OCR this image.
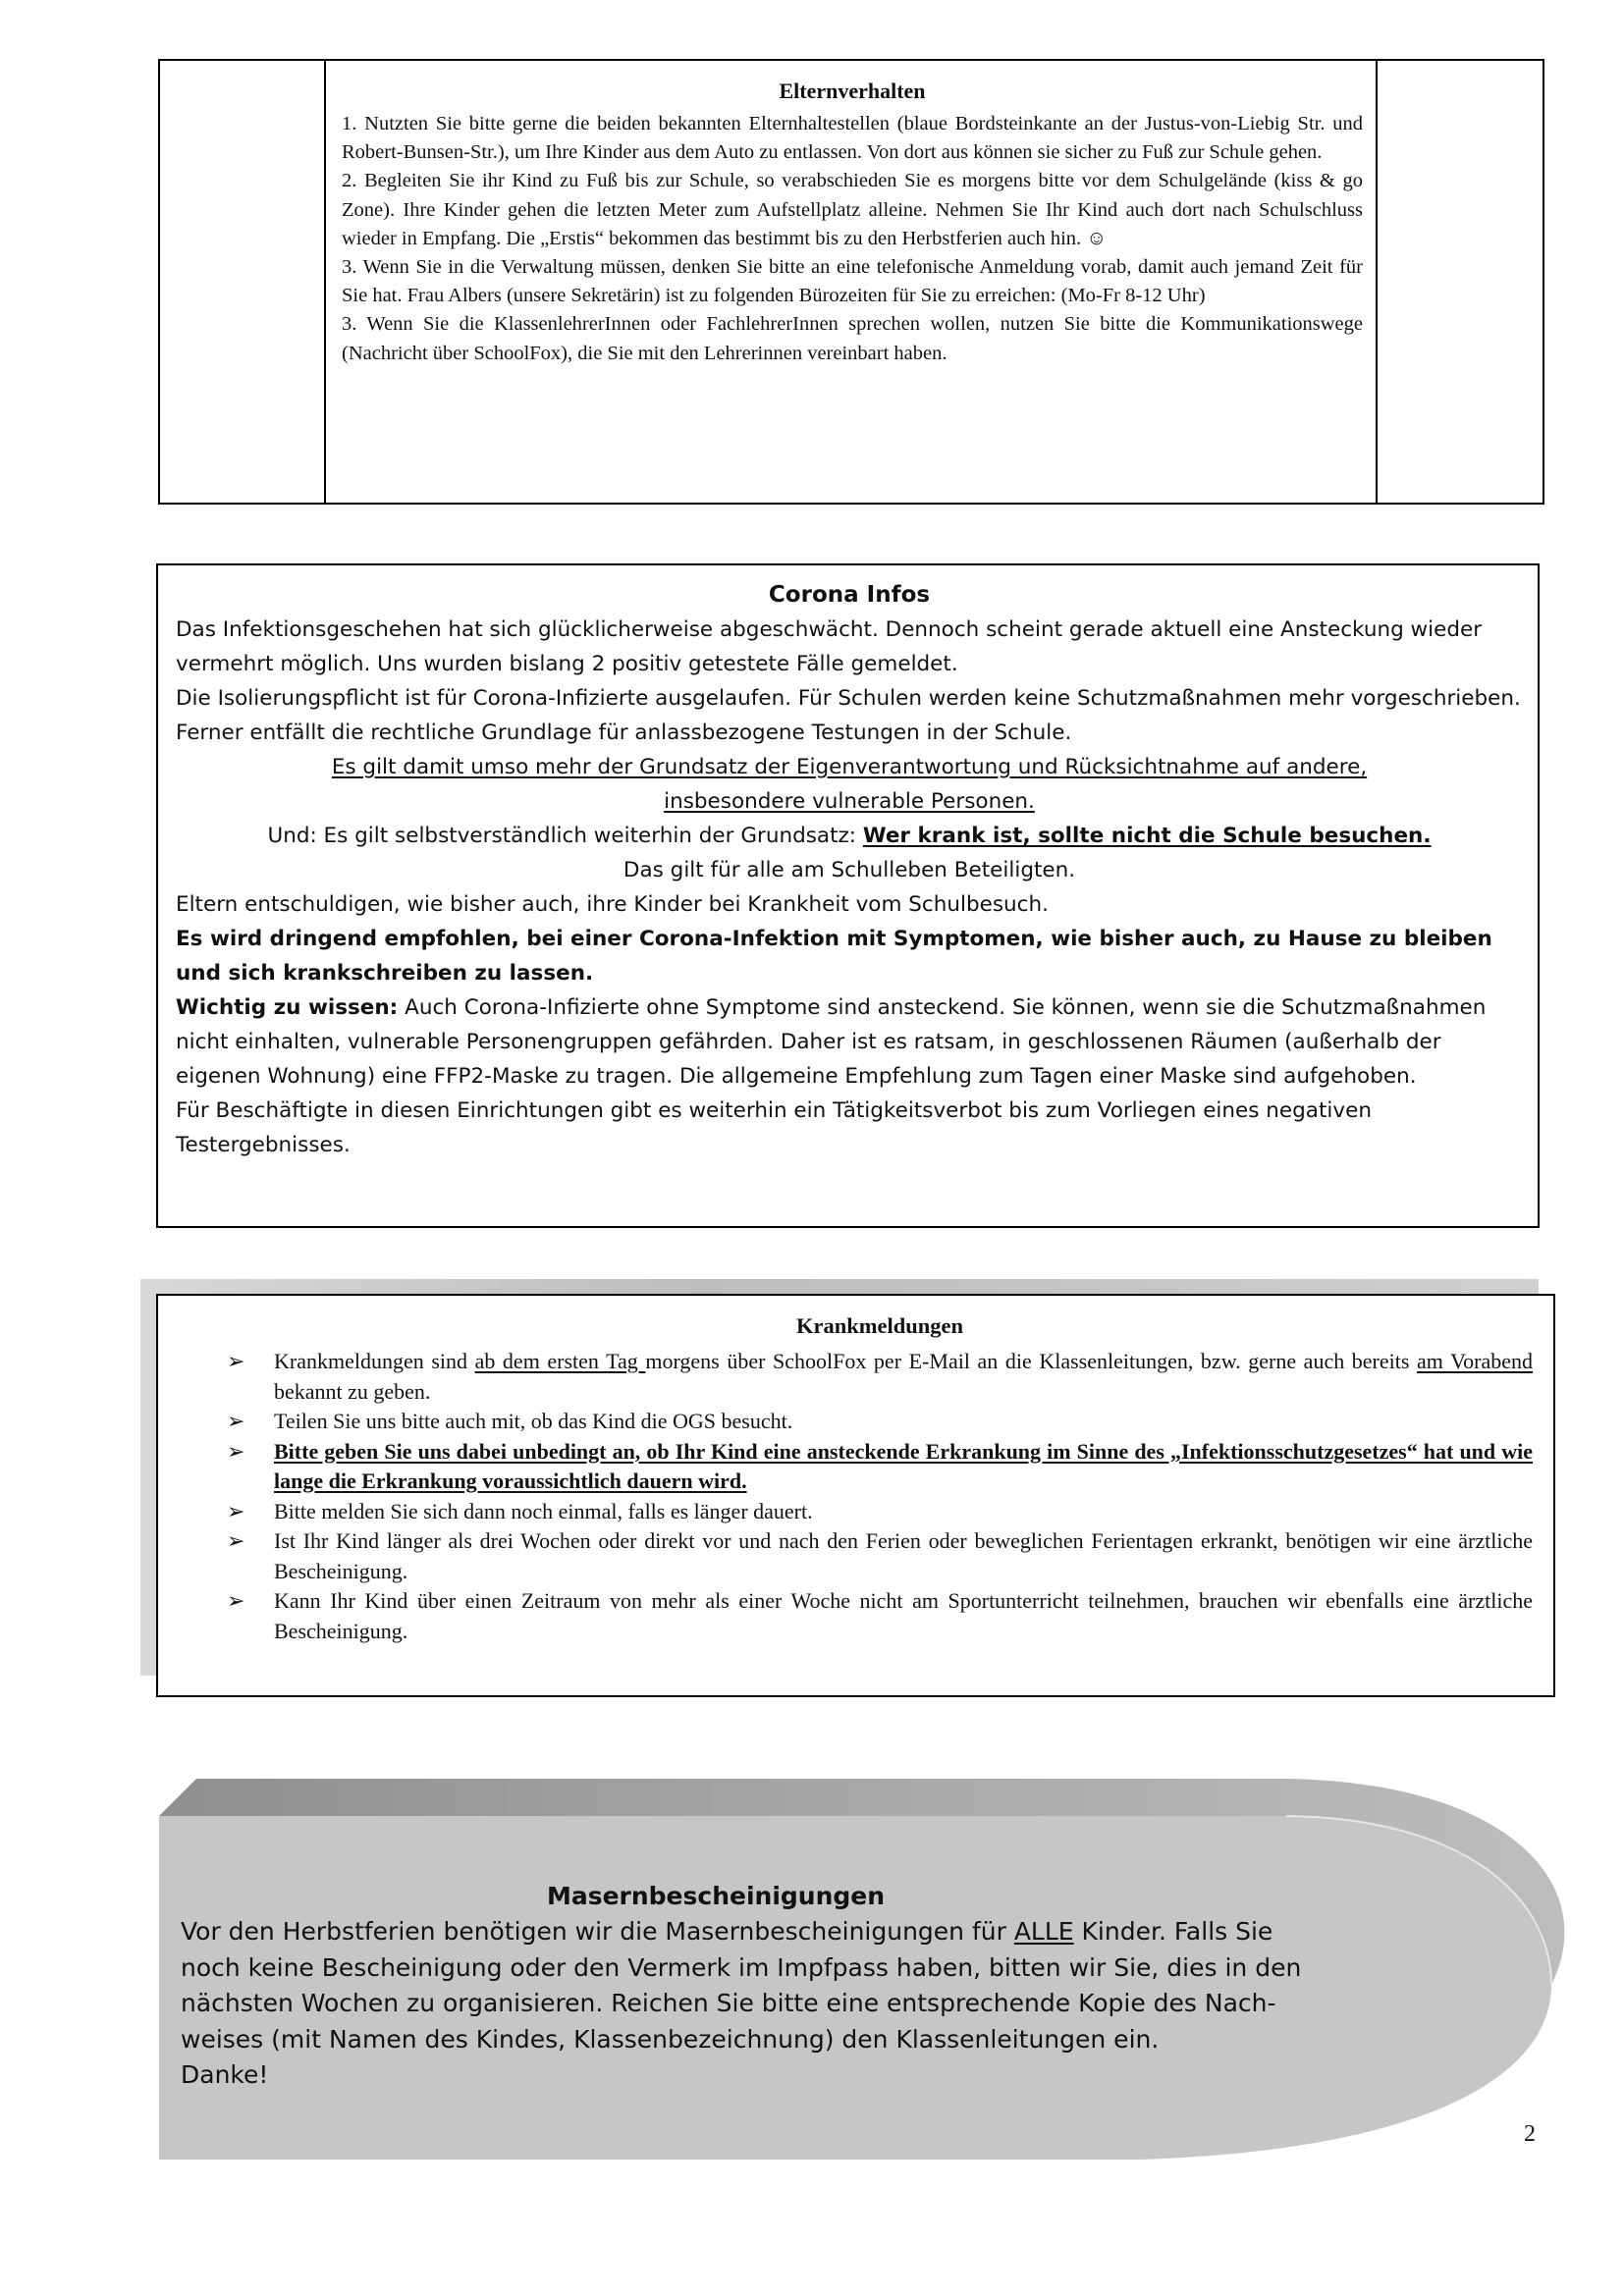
Elternverhalten

1. Nutzten Sie bitte gerne die beiden bekannten Elternhaltestellen (blaue Bordsteinkante an der Justus-von-Liebig Str. und Robert-Bunsen-Str.), um Ihre Kinder aus dem Auto zu entlassen. Von dort aus können sie sicher zu Fuß zur Schule gehen.

2. Begleiten Sie ihr Kind zu Fuß bis zur Schule, so verabschieden Sie es morgens bitte vor dem Schulgelände (kiss & go Zone). Ihre Kinder gehen die letzten Meter zum Aufstellplatz alleine. Nehmen Sie Ihr Kind auch dort nach Schulschluss wieder in Empfang. Die „Erstis“ bekommen das bestimmt bis zu den Herbstferien auch hin. ☺

3. Wenn Sie in die Verwaltung müssen, denken Sie bitte an eine telefonische Anmeldung vorab, damit auch jemand Zeit für Sie hat. Frau Albers (unsere Sekretärin) ist zu folgenden Bürozeiten für Sie zu erreichen: (Mo-Fr 8-12 Uhr)

3. Wenn Sie die KlassenlehrerInnen oder FachlehrerInnen sprechen wollen, nutzen Sie bitte die Kommunikationswege (Nachricht über SchoolFox), die Sie mit den Lehrerinnen vereinbart haben.

Corona Infos

Das Infektionsgeschehen hat sich glücklicherweise abgeschwächt. Dennoch scheint gerade aktuell eine Ansteckung wieder vermehrt möglich. Uns wurden bislang 2 positiv getestete Fälle gemeldet.

Die Isolierungspflicht ist für Corona-Infizierte ausgelaufen. Für Schulen werden keine Schutzmaßnahmen mehr vorgeschrieben. Ferner entfällt die rechtliche Grundlage für anlassbezogene Testungen in der Schule.

Es gilt damit umso mehr der Grundsatz der Eigenverantwortung und Rücksichtnahme auf andere,

insbesondere vulnerable Personen.

Und: Es gilt selbstverständlich weiterhin der Grundsatz: Wer krank ist, sollte nicht die Schule besuchen.

Das gilt für alle am Schulleben Beteiligten.

Eltern entschuldigen, wie bisher auch, ihre Kinder bei Krankheit vom Schulbesuch.

Es wird dringend empfohlen, bei einer Corona-Infektion mit Symptomen, wie bisher auch, zu Hause zu bleiben und sich krankschreiben zu lassen.

Wichtig zu wissen: Auch Corona-Infizierte ohne Symptome sind ansteckend. Sie können, wenn sie die Schutzmaßnahmen nicht einhalten, vulnerable Personengruppen gefährden. Daher ist es ratsam, in geschlossenen Räumen (außerhalb der eigenen Wohnung) eine FFP2-Maske zu tragen. Die allgemeine Empfehlung zum Tagen einer Maske sind aufgehoben.

Für Beschäftigte in diesen Einrichtungen gibt es weiterhin ein Tätigkeitsverbot bis zum Vorliegen eines negativen Testergebnisses.

Krankmeldungen
➢	Krankmeldungen sind ab dem ersten Tag morgens über SchoolFox per E-Mail an die Klassenleitungen, bzw. gerne auch bereits am Vorabend bekannt zu geben.
➢	Teilen Sie uns bitte auch mit, ob das Kind die OGS besucht.
➢	Bitte geben Sie uns dabei unbedingt an, ob Ihr Kind eine ansteckende Erkrankung im Sinne des „Infektionsschutzgesetzes“ hat und wie lange die Erkrankung voraussichtlich dauern wird.
➢	Bitte melden Sie sich dann noch einmal, falls es länger dauert.
➢	Ist Ihr Kind länger als drei Wochen oder direkt vor und nach den Ferien oder beweglichen Ferientagen erkrankt, benötigen wir eine ärztliche Bescheinigung.
➢	Kann Ihr Kind über einen Zeitraum von mehr als einer Woche nicht am Sportunterricht teilnehmen, brauchen wir ebenfalls eine ärztliche Bescheinigung.
Masernbescheinigungen

Vor den Herbstferien benötigen wir die Masernbescheinigungen für ALLE Kinder. Falls Sie

noch keine Bescheinigung oder den Vermerk im Impfpass haben, bitten wir Sie, dies in den

nächsten Wochen zu organisieren. Reichen Sie bitte eine entsprechende Kopie des Nach-

weises (mit Namen des Kindes, Klassenbezeichnung) den Klassenleitungen ein.

Danke!

2
